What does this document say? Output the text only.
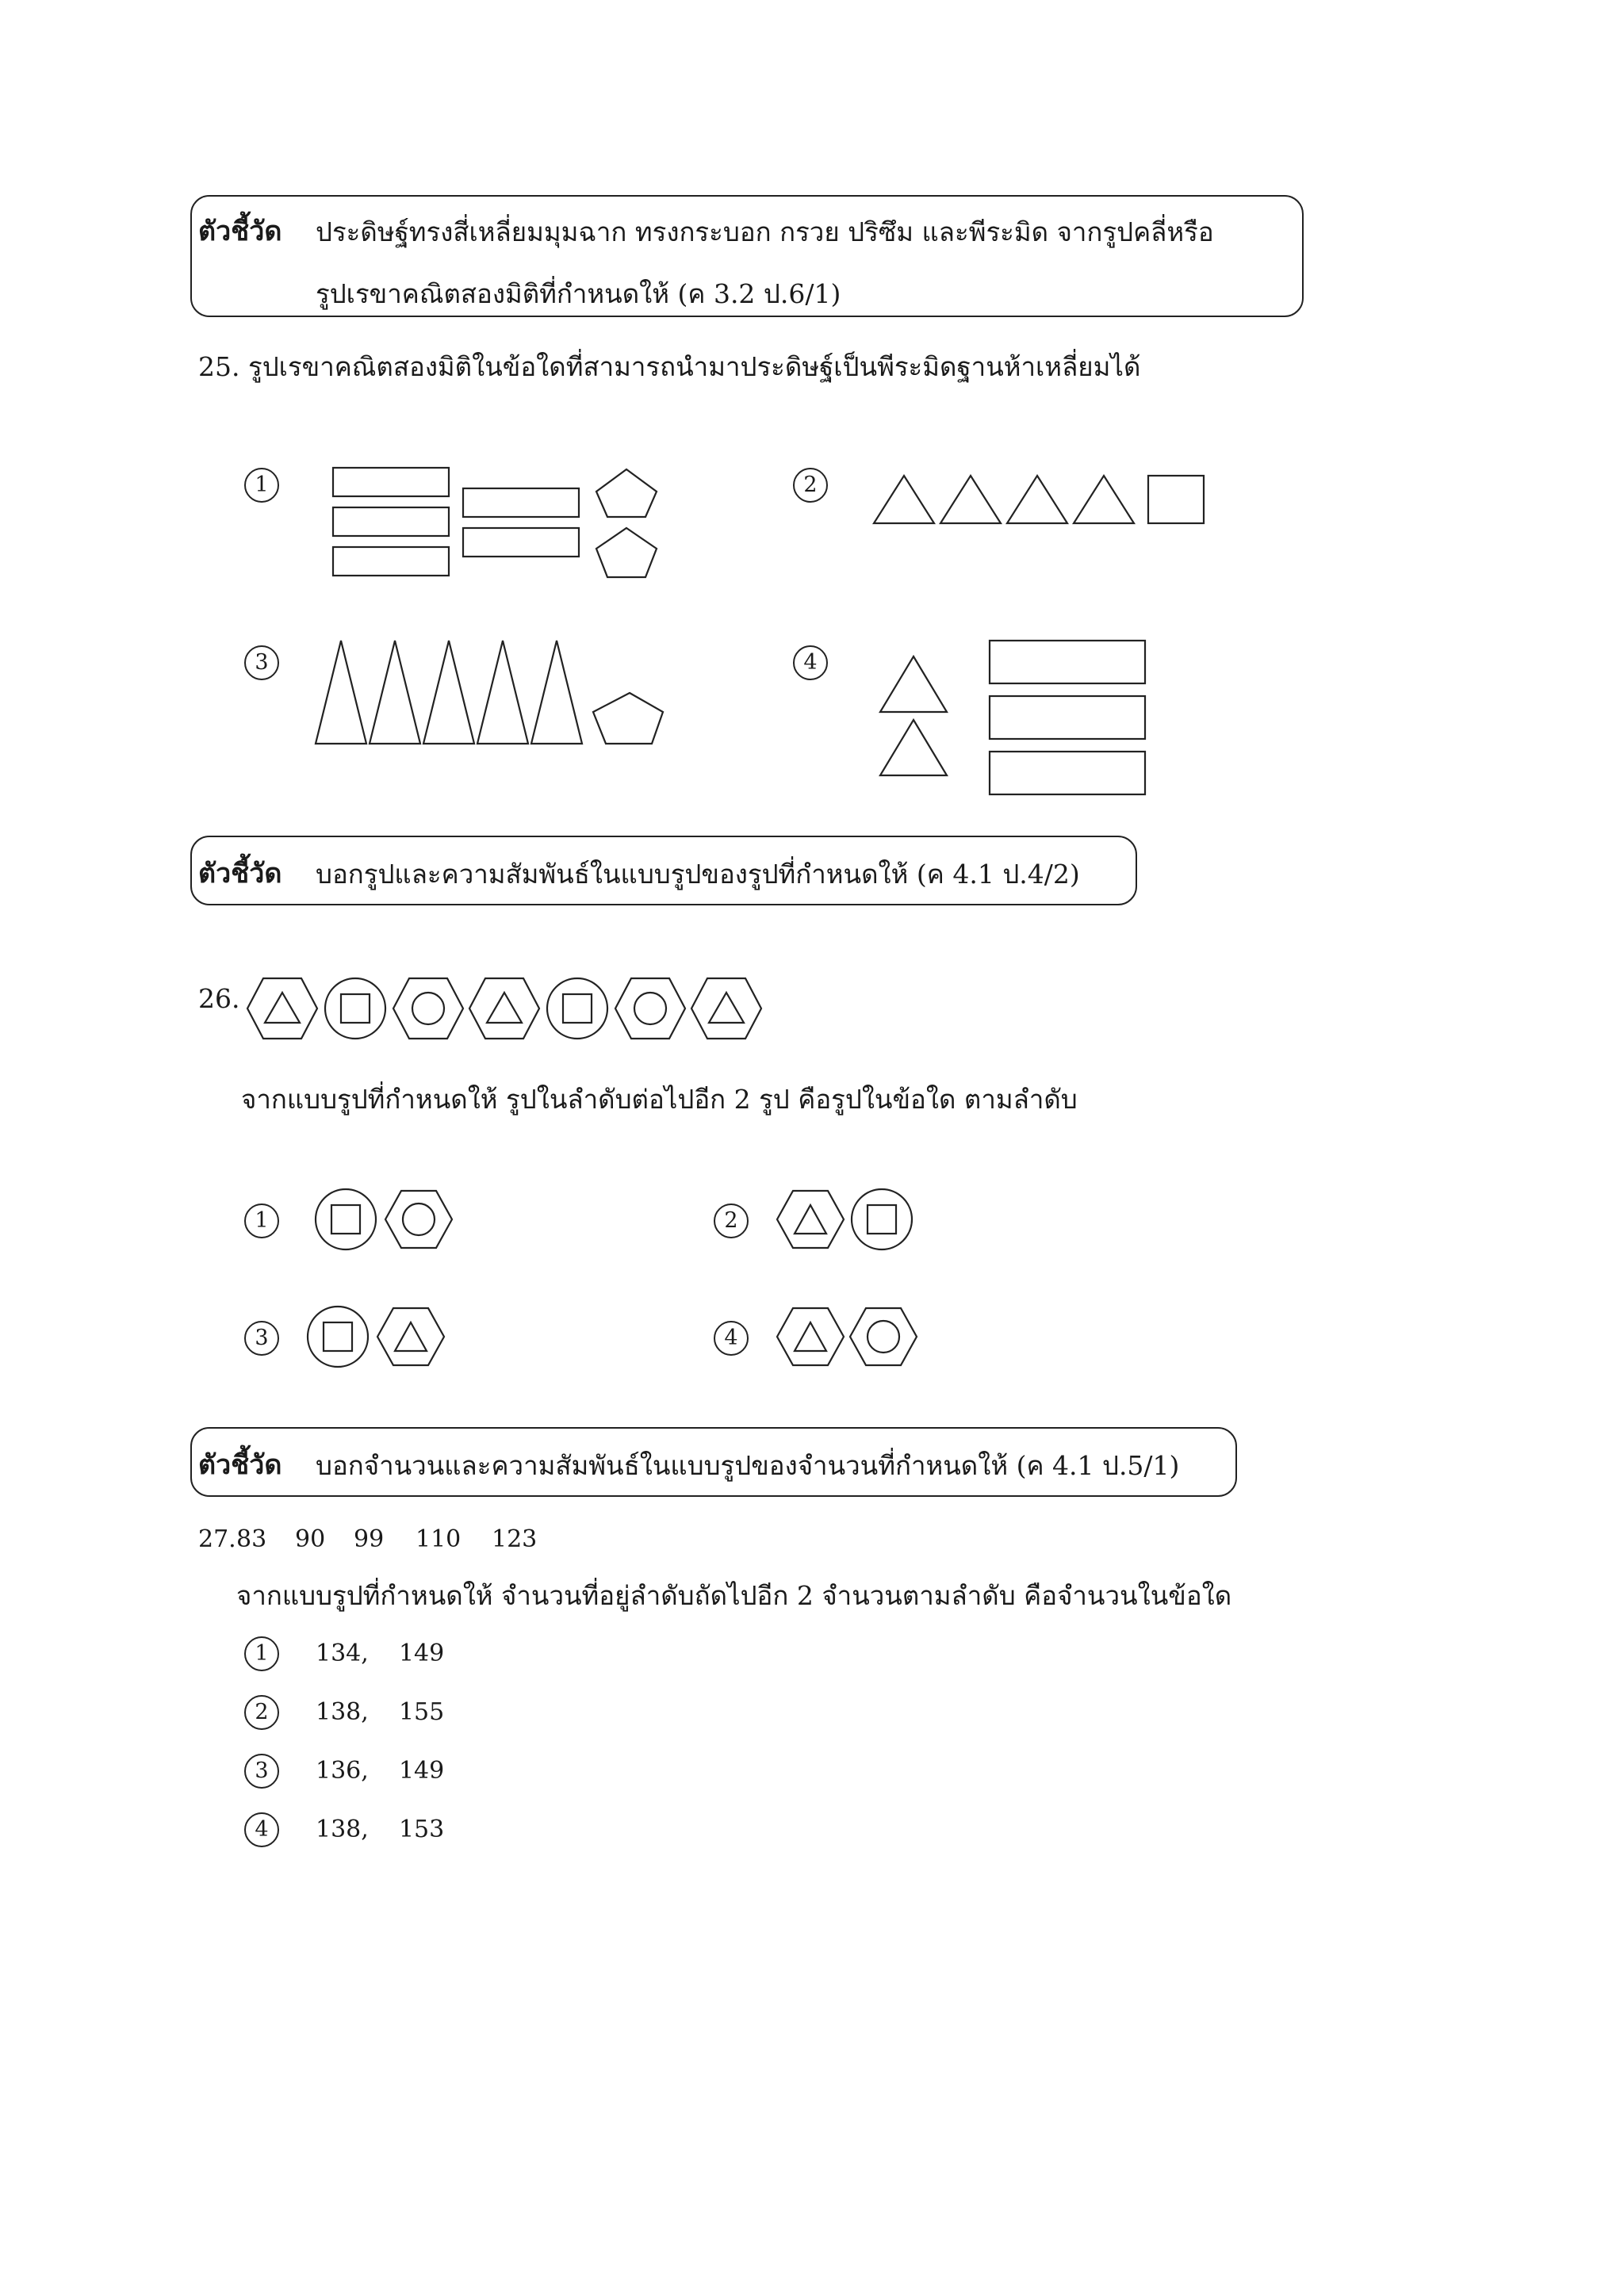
ตัวชี้วัด ประดิษฐ์ทรงสี่เหลี่ยมมุมฉาก ทรงกระบอก กรวย ปริซึม และพีระมิด จากรูปคลี่หรือ
รูปเรขาคณิตสองมิติที่กำหนดให้ (ค 3.2 ป.6/1)
25. รูปเรขาคณิตสองมิติในข้อใดที่สามารถนำมาประดิษฐ์เป็นพีระมิดฐานห้าเหลี่ยมได้
1	2
3	4
ตัวชี้วัด บอกรูปและความสัมพันธ์ในแบบรูปของรูปที่กำหนดให้ (ค 4.1 ป.4/2)
26.
จากแบบรูปที่กำหนดให้ รูปในลำดับต่อไปอีก 2 รูป คือรูปในข้อใด ตามลำดับ
1	2
3	4
ตัวชี้วัด บอกจำนวนและความสัมพันธ์ในแบบรูปของจำนวนที่กำหนดให้ (ค 4.1 ป.5/1)
27. 83 90 99 110 123
จากแบบรูปที่กำหนดให้ จำนวนที่อยู่ลำดับถัดไปอีก 2 จำนวนตามลำดับ คือจำนวนในข้อใด
1	134,    149
2	138,    155
3	136,    149
4	138,    153
